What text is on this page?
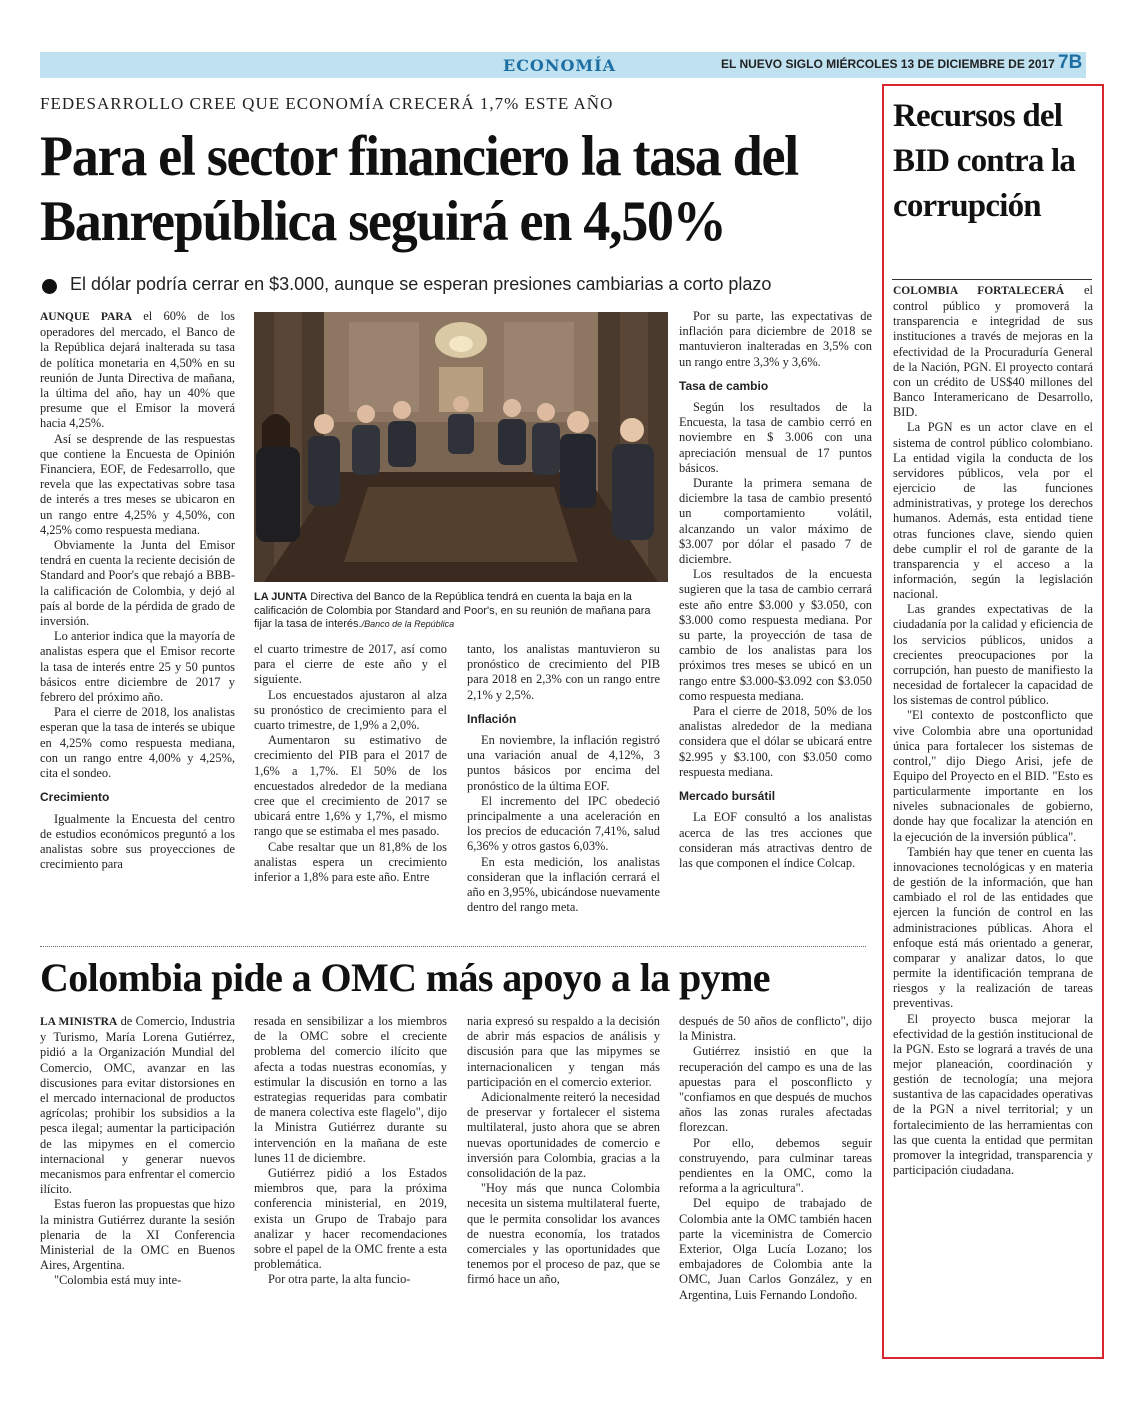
ECONOMÍA	EL NUEVO SIGLO MIÉRCOLES 13 DE DICIEMBRE DE 2017 7B
FEDESARROLLO CREE QUE ECONOMÍA CRECERÁ 1,7% ESTE AÑO
Para el sector financiero la tasa del Banrepública seguirá en 4,50%
El dólar podría cerrar en $3.000, aunque se esperan presiones cambiarias a corto plazo

AUNQUE PARA el 60% de los operadores del mercado, el Banco de la República dejará inalterada su tasa de política monetaria en 4,50% en su reunión de Junta Directiva de mañana, la última del año, hay un 40% que presume que el Emisor la moverá hacia 4,25%.

Así se desprende de las respuestas que contiene la Encuesta de Opinión Financiera, EOF, de Fedesarrollo, que revela que las expectativas sobre tasa de interés a tres meses se ubicaron en un rango entre 4,25% y 4,50%, con 4,25% como respuesta mediana.

Obviamente la Junta del Emisor tendrá en cuenta la reciente decisión de Standard and Poor's que rebajó a BBB- la calificación de Colombia, y dejó al país al borde de la pérdida de grado de inversión.

Lo anterior indica que la mayoría de analistas espera que el Emisor recorte la tasa de interés entre 25 y 50 puntos básicos entre diciembre de 2017 y febrero del próximo año.

Para el cierre de 2018, los analistas esperan que la tasa de interés se ubique en 4,25% como respuesta mediana, con un rango entre 4,00% y 4,25%, cita el sondeo.

Crecimiento

Igualmente la Encuesta del centro de estudios económicos preguntó a los analistas sobre sus proyecciones de crecimiento para

LA JUNTA Directiva del Banco de la República tendrá en cuenta la baja en la calificación de Colombia por Standard and Poor's, en su reunión de mañana para fijar la tasa de interés./Banco de la República

el cuarto trimestre de 2017, así como para el cierre de este año y el siguiente.

Los encuestados ajustaron al alza su pronóstico de crecimiento para el cuarto trimestre, de 1,9% a 2,0%.

Aumentaron su estimativo de crecimiento del PIB para el 2017 de 1,6% a 1,7%. El 50% de los encuestados alrededor de la mediana cree que el crecimiento de 2017 se ubicará entre 1,6% y 1,7%, el mismo rango que se estimaba el mes pasado.

Cabe resaltar que un 81,8% de los analistas espera un crecimiento inferior a 1,8% para este año. Entre

tanto, los analistas mantuvieron su pronóstico de crecimiento del PIB para 2018 en 2,3% con un rango entre 2,1% y 2,5%.

Inflación

En noviembre, la inflación registró una variación anual de 4,12%, 3 puntos básicos por encima del pronóstico de la última EOF.

El incremento del IPC obedeció principalmente a una aceleración en los precios de educación 7,41%, salud 6,36% y otros gastos 6,03%.

En esta medición, los analistas consideran que la inflación cerrará el año en 3,95%, ubicándose nuevamente dentro del rango meta.

Por su parte, las expectativas de inflación para diciembre de 2018 se mantuvieron inalteradas en 3,5% con un rango entre 3,3% y 3,6%.

Tasa de cambio

Según los resultados de la Encuesta, la tasa de cambio cerró en noviembre en $ 3.006 con una apreciación mensual de 17 puntos básicos.

Durante la primera semana de diciembre la tasa de cambio presentó un comportamiento volátil, alcanzando un valor máximo de $3.007 por dólar el pasado 7 de diciembre.

Los resultados de la encuesta sugieren que la tasa de cambio cerrará este año entre $3.000 y $3.050, con $3.000 como respuesta mediana. Por su parte, la proyección de tasa de cambio de los analistas para los próximos tres meses se ubicó en un rango entre $3.000-$3.092 con $3.050 como respuesta mediana.

Para el cierre de 2018, 50% de los analistas alrededor de la mediana considera que el dólar se ubicará entre $2.995 y $3.100, con $3.050 como respuesta mediana.

Mercado bursátil

La EOF consultó a los analistas acerca de las tres acciones que consideran más atractivas dentro de las que componen el índice Colcap.

Colombia pide a OMC más apoyo a la pyme

LA MINISTRA de Comercio, Industria y Turismo, María Lorena Gutiérrez, pidió a la Organización Mundial del Comercio, OMC, avanzar en las discusiones para evitar distorsiones en el mercado internacional de productos agrícolas; prohibir los subsidios a la pesca ilegal; aumentar la participación de las mipymes en el comercio internacional y generar nuevos mecanismos para enfrentar el comercio ilícito.

Estas fueron las propuestas que hizo la ministra Gutiérrez durante la sesión plenaria de la XI Conferencia Ministerial de la OMC en Buenos Aires, Argentina.

"Colombia está muy inte-

resada en sensibilizar a los miembros de la OMC sobre el creciente problema del comercio ilícito que afecta a todas nuestras economías, y estimular la discusión en torno a las estrategias requeridas para combatir de manera colectiva este flagelo", dijo la Ministra Gutiérrez durante su intervención en la mañana de este lunes 11 de diciembre.

Gutiérrez pidió a los Estados miembros que, para la próxima conferencia ministerial, en 2019, exista un Grupo de Trabajo para analizar y hacer recomendaciones sobre el papel de la OMC frente a esta problemática.

Por otra parte, la alta funcio-

naria expresó su respaldo a la decisión de abrir más espacios de análisis y discusión para que las mipymes se internacionalicen y tengan más participación en el comercio exterior.

Adicionalmente reiteró la necesidad de preservar y fortalecer el sistema multilateral, justo ahora que se abren nuevas oportunidades de comercio e inversión para Colombia, gracias a la consolidación de la paz.

"Hoy más que nunca Colombia necesita un sistema multilateral fuerte, que le permita consolidar los avances de nuestra economía, los tratados comerciales y las oportunidades que tenemos por el proceso de paz, que se firmó hace un año,

después de 50 años de conflicto", dijo la Ministra.

Gutiérrez insistió en que la recuperación del campo es una de las apuestas para el posconflicto y "confiamos en que después de muchos años las zonas rurales afectadas florezcan.

Por ello, debemos seguir construyendo, para culminar tareas pendientes en la OMC, como la reforma a la agricultura".

Del equipo de trabajado de Colombia ante la OMC también hacen parte la viceministra de Comercio Exterior, Olga Lucía Lozano; los embajadores de Colombia ante la OMC, Juan Carlos González, y en Argentina, Luis Fernando Londoño.

Recursos del BID contra la corrupción

COLOMBIA FORTALECERÁ el control público y promoverá la transparencia e integridad de sus instituciones a través de mejoras en la efectividad de la Procuraduría General de la Nación, PGN. El proyecto contará con un crédito de US$40 millones del Banco Interamericano de Desarrollo, BID.

La PGN es un actor clave en el sistema de control público colombiano. La entidad vigila la conducta de los servidores públicos, vela por el ejercicio de las funciones administrativas, y protege los derechos humanos. Además, esta entidad tiene otras funciones clave, siendo quien debe cumplir el rol de garante de la transparencia y el acceso a la información, según la legislación nacional.

Las grandes expectativas de la ciudadanía por la calidad y eficiencia de los servicios públicos, unidos a crecientes preocupaciones por la corrupción, han puesto de manifiesto la necesidad de fortalecer la capacidad de los sistemas de control público.

"El contexto de postconflicto que vive Colombia abre una oportunidad única para fortalecer los sistemas de control," dijo Diego Arisi, jefe de Equipo del Proyecto en el BID. "Esto es particularmente importante en los niveles subnacionales de gobierno, donde hay que focalizar la atención en la ejecución de la inversión pública".

También hay que tener en cuenta las innovaciones tecnológicas y en materia de gestión de la información, que han cambiado el rol de las entidades que ejercen la función de control en las administraciones públicas. Ahora el enfoque está más orientado a generar, comparar y analizar datos, lo que permite la identificación temprana de riesgos y la realización de tareas preventivas.

El proyecto busca mejorar la efectividad de la gestión institucional de la PGN. Esto se logrará a través de una mejor planeación, coordinación y gestión de tecnología; una mejora sustantiva de las capacidades operativas de la PGN a nivel territorial; y un fortalecimiento de las herramientas con las que cuenta la entidad que permitan promover la integridad, transparencia y participación ciudadana.
